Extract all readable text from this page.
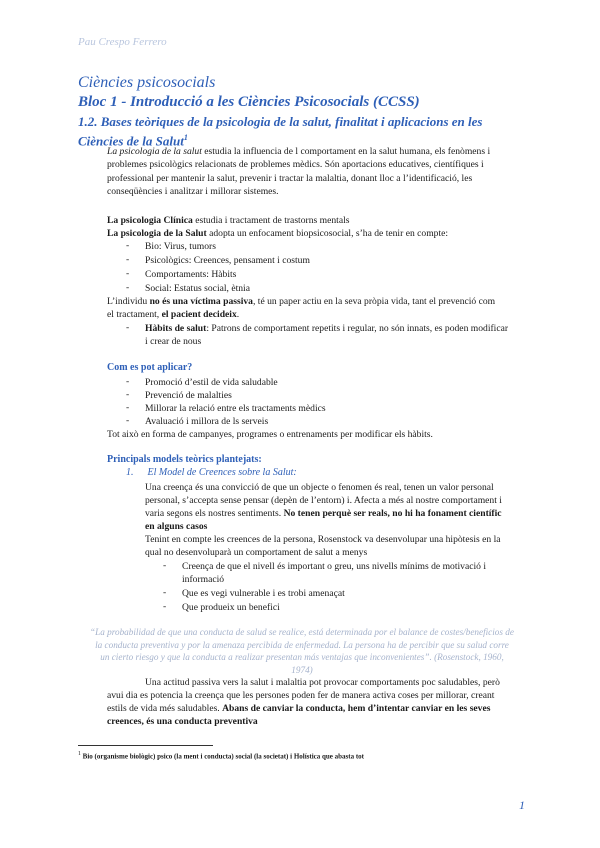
Pau Crespo Ferrero
Ciències psicosocials
Bloc 1 - Introducció a les Ciències Psicosocials (CCSS)
1.2. Bases teòriques de la psicologia de la salut, finalitat i aplicacions en les Ciències de la Salut$^1$
La psicologia de la salut estudia la influencia de l comportament en la salut humana, els fenòmens i problemes psicològics relacionats de problemes mèdics. Són aportacions educatives, científiques i professional per mantenir la salut, prevenir i tractar la malaltia, donant lloc a l’identificació, les conseqüències i analitzar i millorar sistemes.
La psicologia Clínica estudia i tractament de trastorns mentals
La psicologia de la Salut adopta un enfocament biopsicosocial, s’ha de tenir en compte:
- Bio: Virus, tumors
- Psicològics: Creences, pensament i costum
- Comportaments: Hàbits
- Social: Estatus social, ètnia
L’individu no és una víctima passiva, té un paper actiu en la seva pròpia vida, tant el prevenció com
el tractament, el pacient decideix.
- Hàbits de salut: Patrons de comportament repetits i regular, no són innats, es poden modificar
i crear de nous
Com es pot aplicar?
- Promoció d’estil de vida saludable
- Prevenció de malalties
- Millorar la relació entre els tractaments mèdics
- Avaluació i millora de ls serveis
Tot això en forma de campanyes, programes o entrenaments per modificar els hàbits.
Principals models teòrics plantejats:
1. El Model de Creences sobre la Salut:
Una creença és una convicció de que un objecte o fenomen és real, tenen un valor personal
personal, s’accepta sense pensar (depèn de l’entorn) i. Afecta a més al nostre comportament i
varia segons els nostres sentiments. No tenen perquè ser reals, no hi ha fonament científic
en alguns casos
Tenint en compte les creences de la persona, Rosenstock va desenvolupar una hipòtesis en la
qual no desenvoluparà un comportament de salut a menys
- Creença de que el nivell és important o greu, uns nivells mínims de motivació i
informació
- Que es vegi vulnerable i es trobi amenaçat
- Que produeix un benefici
“La probabilidad de que una conducta de salud se realice, está determinada por el balance de costes/beneficios de la conducta preventiva y por la amenaza percibida de enfermedad. La persona ha de percibir que su salud corre un cierto riesgo y que la conducta a realizar presentan más ventajas que inconvenientes”. (Rosenstock, 1960, 1974)
Una actitud passiva vers la salut i malaltia pot provocar comportaments poc saludables, però
avui dia es potencia la creença que les persones poden fer de manera activa coses per millorar, creant
estils de vida més saludables. Abans de canviar la conducta, hem d’intentar canviar en les seves
creences, és una conducta preventiva
$^1$ Bio (organisme biològic) psico (la ment i conducta) social (la societat) i Holística que abasta tot
1
